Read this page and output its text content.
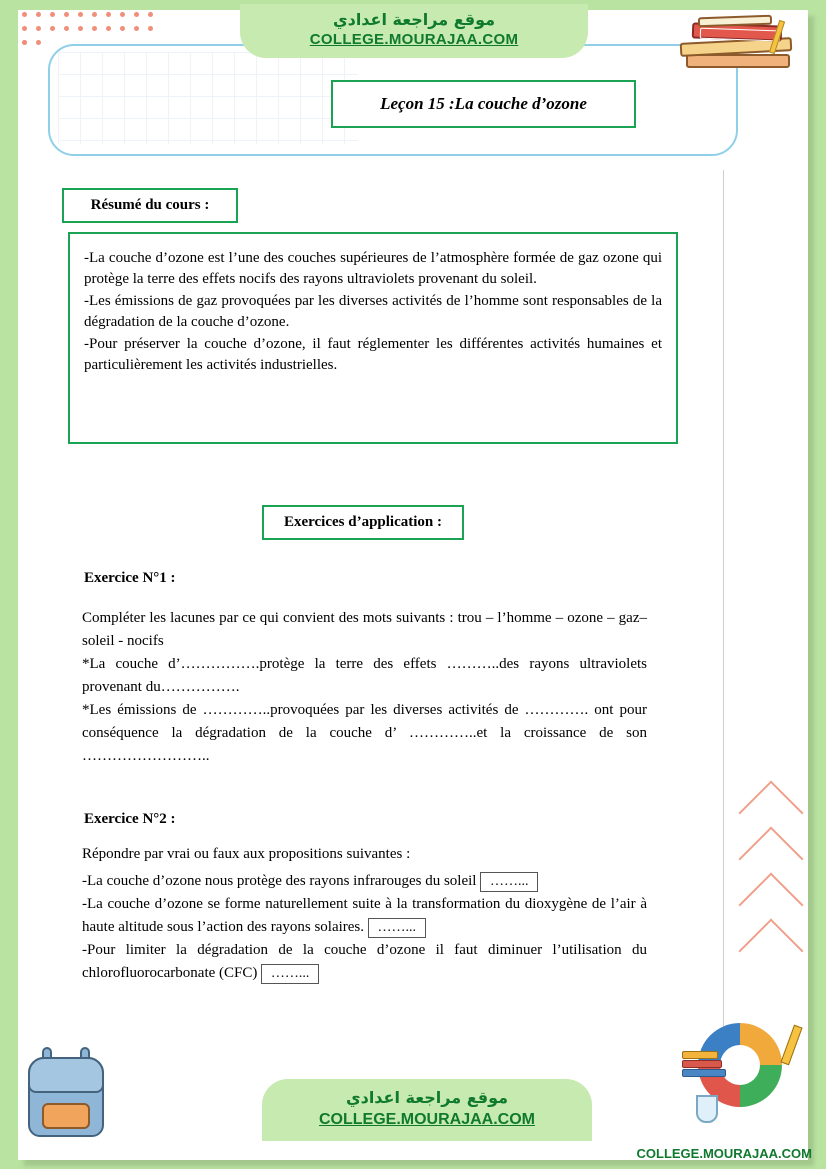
موقع مراجعة اعدادي
COLLEGE.MOURAJAA.COM
Leçon 15 :La couche d’ozone
Résumé du cours :

-La couche d’ozone est l’une des couches supérieures de l’atmosphère formée de gaz ozone qui protège la terre des effets nocifs des rayons ultraviolets provenant du soleil.

-Les émissions de gaz provoquées par les diverses activités de l’homme sont responsables de la dégradation de la couche d’ozone.

-Pour préserver la couche d’ozone, il faut réglementer les différentes activités humaines et particulièrement les activités industrielles.

Exercices d’application :
Exercice N°1 :

Compléter les lacunes par ce qui convient des mots suivants : trou – l’homme – ozone – gaz– soleil - nocifs

*La couche d’…………….protège la terre des effets ………..des rayons ultraviolets provenant du…………….

*Les émissions de …………..provoquées par les diverses activités de …………. ont pour conséquence la dégradation de la couche d’ …………..et la croissance de son ……………………..

Exercice N°2 :

Répondre par vrai ou faux aux propositions suivantes :

-La couche d’ozone nous protège des rayons infrarouges du soleil ……...

-La couche d’ozone se forme naturellement suite à la transformation du dioxygène de l’air à haute altitude sous l’action des rayons solaires. ……...

-Pour limiter la dégradation de la couche d’ozone il faut diminuer l’utilisation du chlorofluorocarbonate (CFC) ……...

موقع مراجعة اعدادي
COLLEGE.MOURAJAA.COM
COLLEGE.MOURAJAA.COM
